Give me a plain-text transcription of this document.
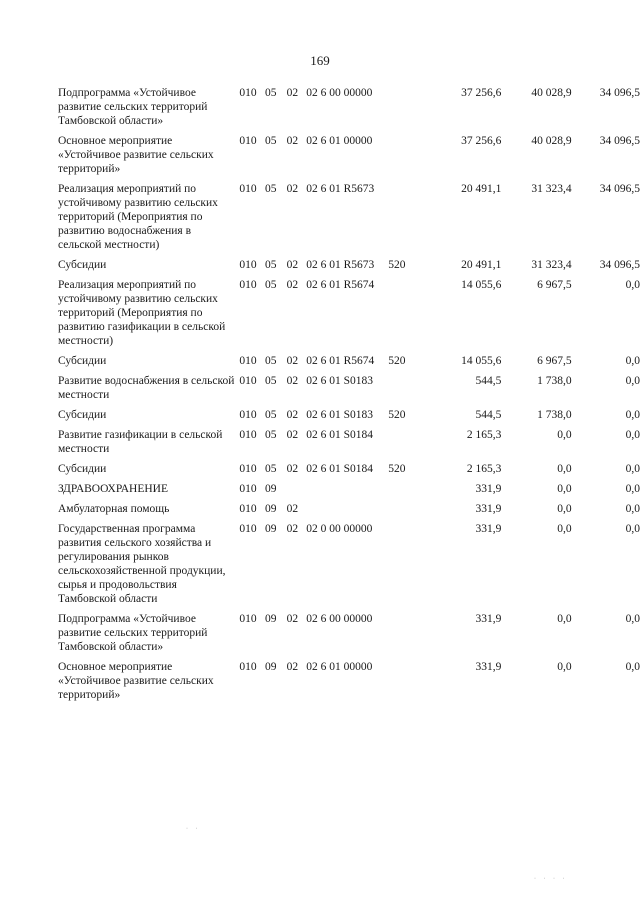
169
Подпрограмма «Устойчивое развитие сельских территорий Тамбовской области»	010	05	02	02 6 00 00000		37 256,6	40 028,9	34 096,5
Основное мероприятие «Устойчивое развитие сельских территорий»	010	05	02	02 6 01 00000		37 256,6	40 028,9	34 096,5
Реализация мероприятий по устойчивому развитию сельских территорий (Мероприятия по развитию водоснабжения в сельской местности)	010	05	02	02 6 01 R5673		20 491,1	31 323,4	34 096,5
Субсидии	010	05	02	02 6 01 R5673	520	20 491,1	31 323,4	34 096,5
Реализация мероприятий по устойчивому развитию сельских территорий (Мероприятия по развитию газификации в сельской местности)	010	05	02	02 6 01 R5674		14 055,6	6 967,5	0,0
Субсидии	010	05	02	02 6 01 R5674	520	14 055,6	6 967,5	0,0
Развитие водоснабжения в сельской местности	010	05	02	02 6 01 S0183		544,5	1 738,0	0,0
Субсидии	010	05	02	02 6 01 S0183	520	544,5	1 738,0	0,0
Развитие газификации в сельской местности	010	05	02	02 6 01 S0184		2 165,3	0,0	0,0
Субсидии	010	05	02	02 6 01 S0184	520	2 165,3	0,0	0,0
ЗДРАВООХРАНЕНИЕ	010	09				331,9	0,0	0,0
Амбулаторная помощь	010	09	02			331,9	0,0	0,0
Государственная программа развития сельского хозяйства и регулирования рынков сельскохозяйственной продукции, сырья и продовольствия Тамбовской области	010	09	02	02 0 00 00000		331,9	0,0	0,0
Подпрограмма «Устойчивое развитие сельских территорий Тамбовской области»	010	09	02	02 6 00 00000		331,9	0,0	0,0
Основное мероприятие «Устойчивое развитие сельских территорий»	010	09	02	02 6 01 00000		331,9	0,0	0,0
· ·
· · · ·
